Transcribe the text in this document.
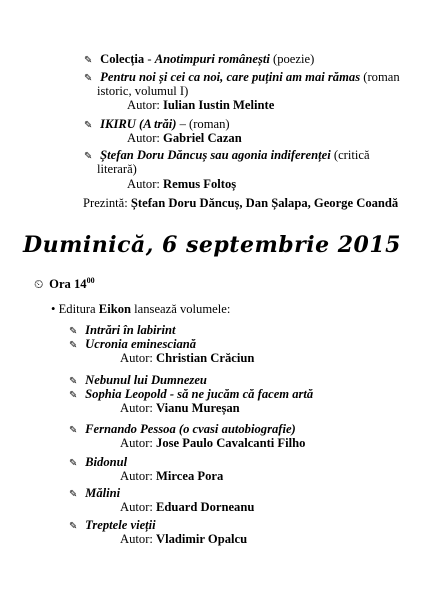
✎ Colecția - Anotimpuri românești (poezie)
✎ Pentru noi și cei ca noi, care puțini am mai rămas (roman
istoric, volumul I)
Autor: Iulian Iustin Melinte
✎ IKIRU (A trăi) – (roman)
Autor: Gabriel Cazan
✎ Ștefan Doru Dăncuș sau agonia indiferenței (critică
literară)
Autor: Remus Foltoș
Prezintă: Ștefan Doru Dăncuș, Dan Șalapa, George Coandă
Duminică, 6 septembrie 2015
⏲ Ora $14^{00}$
• Editura Eikon lansează volumele:
✎ Intrări în labirint
✎ Ucronia eminesciană
Autor: Christian Crăciun
✎ Nebunul lui Dumnezeu
✎ Sophia Leopold - să ne jucăm că facem artă
Autor: Vianu Mureșan
✎ Fernando Pessoa (o cvasi autobiografie)
Autor: Jose Paulo Cavalcanti Filho
✎ Bidonul
Autor: Mircea Pora
✎ Mălini
Autor: Eduard Dorneanu
✎ Treptele vieții
Autor: Vladimir Opalcu
